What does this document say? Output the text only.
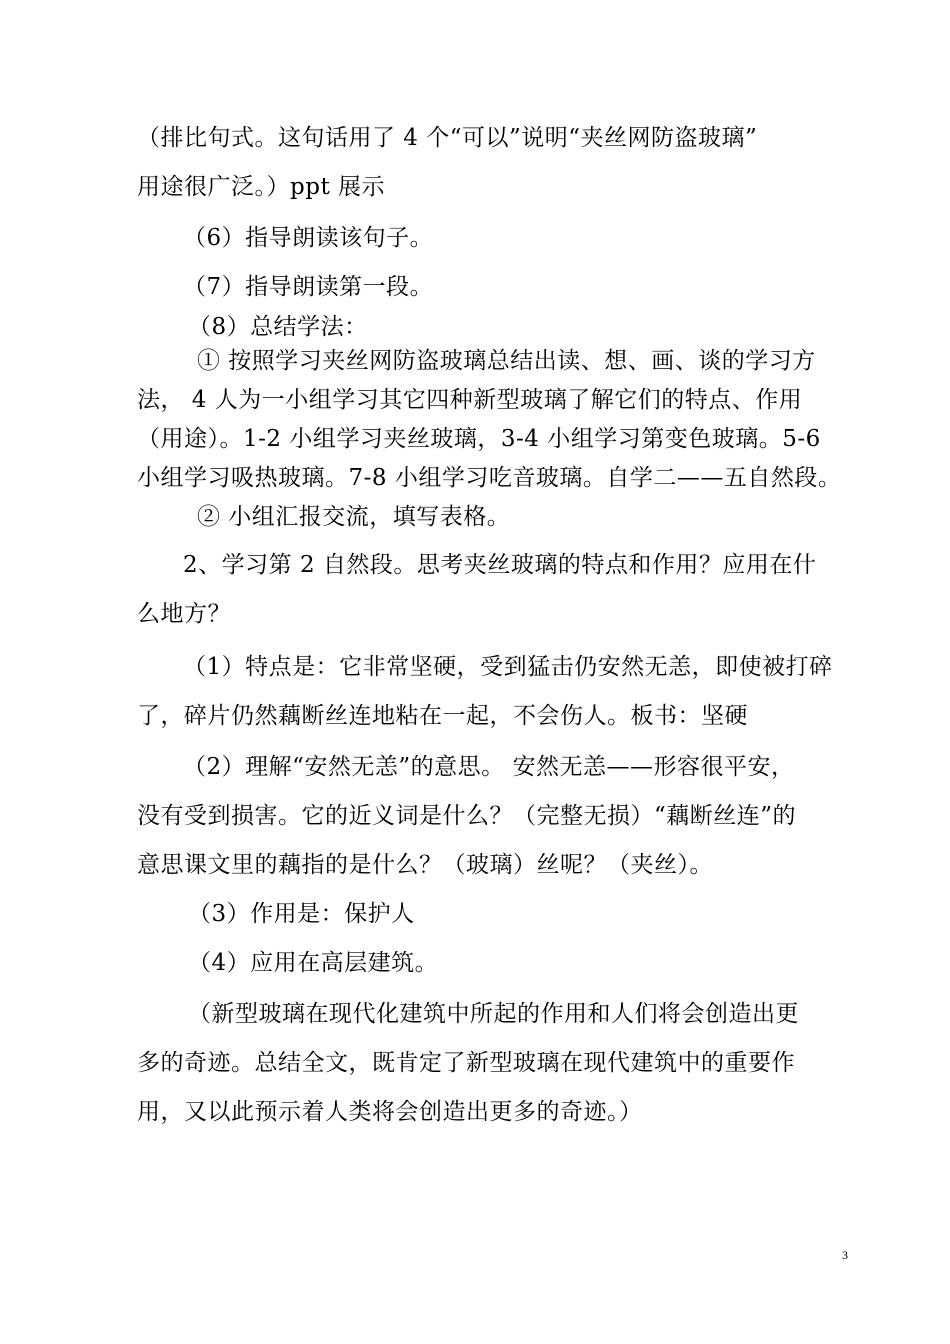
（排比句式。这句话用了 4 个“可以”说明“夹丝网防盗玻璃”
用途很广泛。）ppt 展示
（6）指导朗读该句子。
（7）指导朗读第一段。
（8）总结学法：
① 按照学习夹丝网防盗玻璃总结出读、想、画、谈的学习方
法， 4 人为一小组学习其它四种新型玻璃了解它们的特点、作用
（用途）。1-2 小组学习夹丝玻璃，3-4 小组学习第变色玻璃。5-6
小组学习吸热玻璃。7-8 小组学习吃音玻璃。自学二——五自然段。
② 小组汇报交流，填写表格。
2、学习第 2 自然段。思考夹丝玻璃的特点和作用？应用在什
么地方？
（1）特点是：它非常坚硬，受到猛击仍安然无恙，即使被打碎
了，碎片仍然藕断丝连地粘在一起，不会伤人。板书：坚硬
（2）理解“安然无恙”的意思。 安然无恙——形容很平安，
没有受到损害。它的近义词是什么？（完整无损）“藕断丝连”的
意思课文里的藕指的是什么？（玻璃）丝呢？（夹丝）。
（3）作用是：保护人
（4）应用在高层建筑。
（新型玻璃在现代化建筑中所起的作用和人们将会创造出更
多的奇迹。总结全文，既肯定了新型玻璃在现代建筑中的重要作
用，又以此预示着人类将会创造出更多的奇迹。）
3
